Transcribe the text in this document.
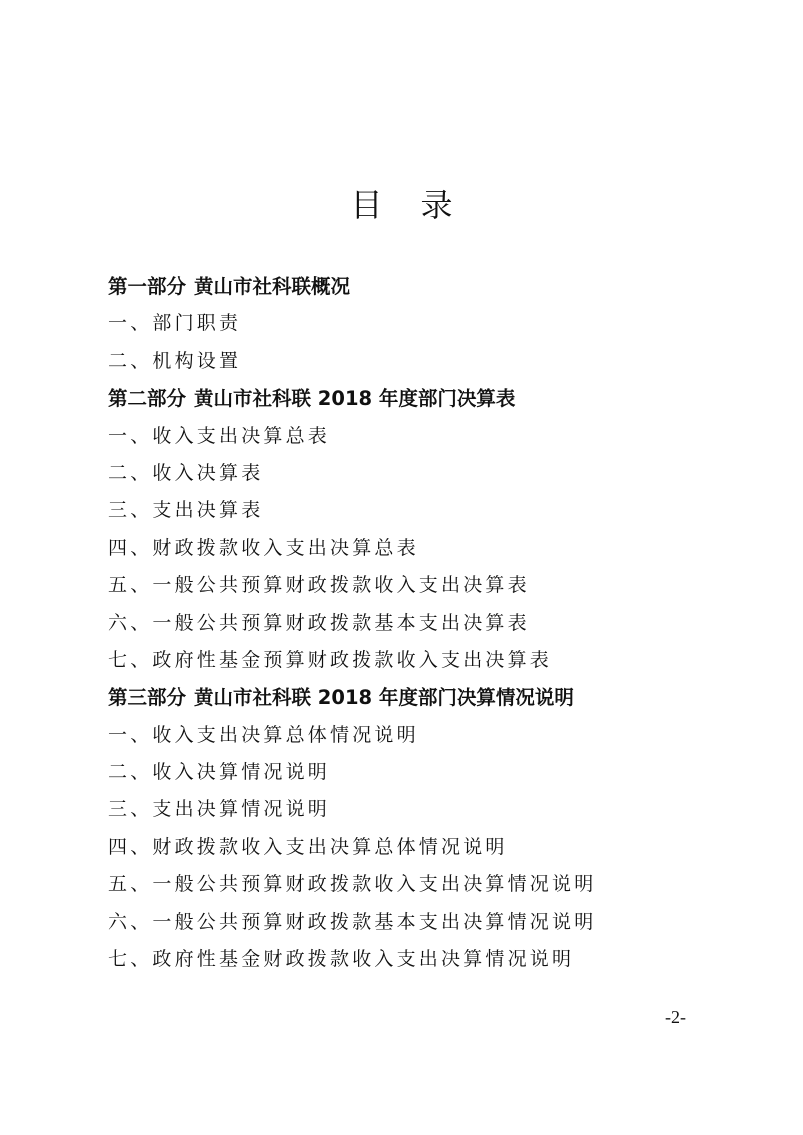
目 录
第一部分 黄山市社科联概况
一、部门职责
二、机构设置
第二部分 黄山市社科联 2018 年度部门决算表
一、收入支出决算总表
二、收入决算表
三、支出决算表
四、财政拨款收入支出决算总表
五、一般公共预算财政拨款收入支出决算表
六、一般公共预算财政拨款基本支出决算表
七、政府性基金预算财政拨款收入支出决算表
第三部分 黄山市社科联 2018 年度部门决算情况说明
一、收入支出决算总体情况说明
二、收入决算情况说明
三、支出决算情况说明
四、财政拨款收入支出决算总体情况说明
五、一般公共预算财政拨款收入支出决算情况说明
六、一般公共预算财政拨款基本支出决算情况说明
七、政府性基金财政拨款收入支出决算情况说明
-2-
